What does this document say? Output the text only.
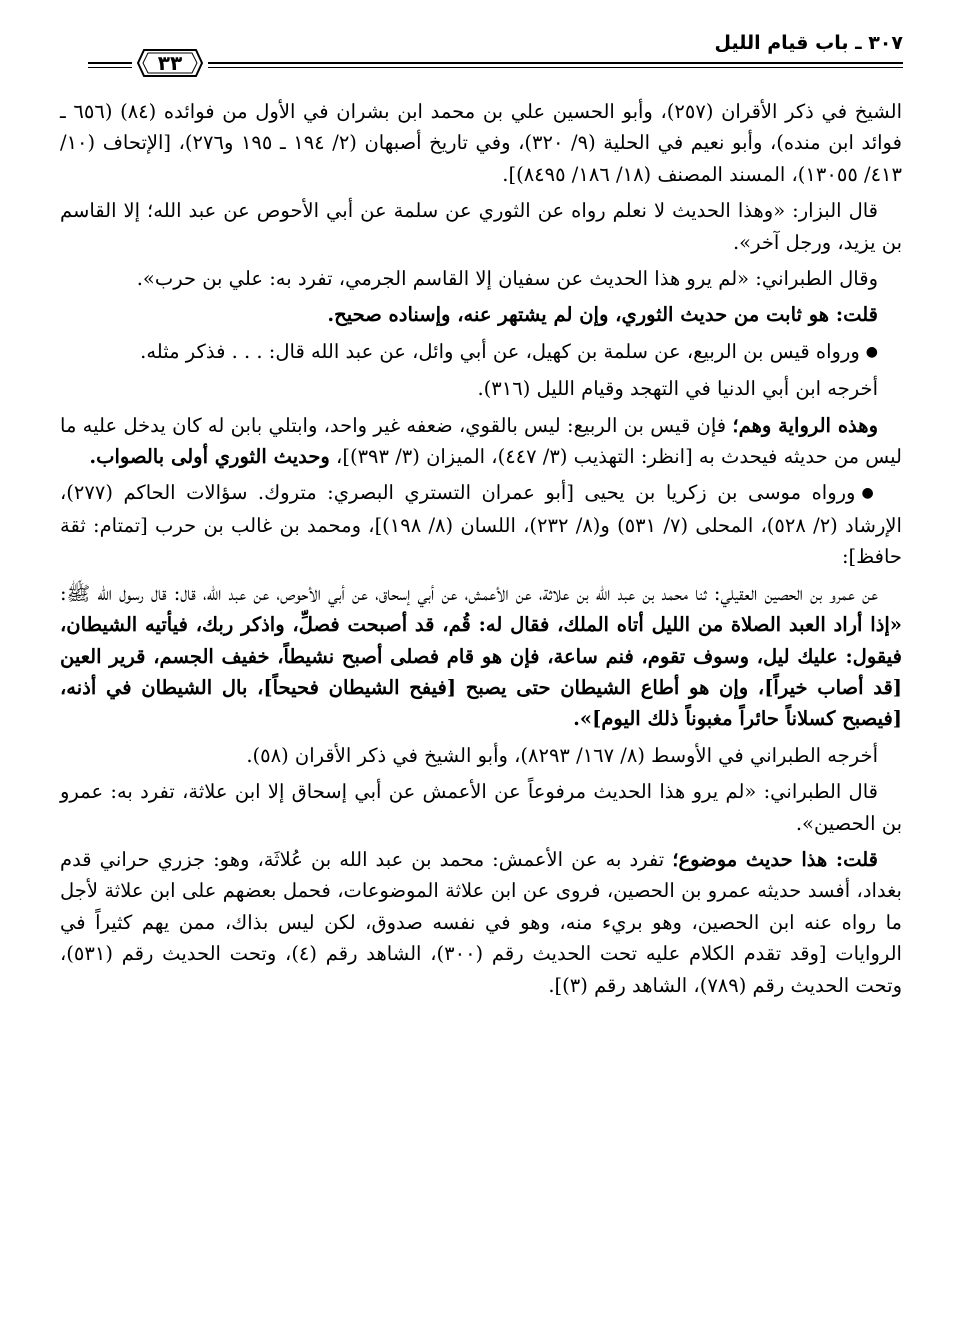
٣٠٧ ـ باب قيام الليل
٣٣

الشيخ في ذكر الأقران (٢٥٧)، وأبو الحسين علي بن محمد ابن بشران في الأول من فوائده (٨٤) (٦٥٦ ـ فوائد ابن منده)، وأبو نعيم في الحلية (٩/ ٣٢٠)، وفي تاريخ أصبهان (٢/ ١٩٤ ـ ١٩٥ و٢٧٦)، [الإتحاف (١٠/ ٤١٣/ ١٣٠٥٥)، المسند المصنف (١٨/ ١٨٦/ ٨٤٩٥)].

قال البزار: «وهذا الحديث لا نعلم رواه عن الثوري عن سلمة عن أبي الأحوص عن عبد الله؛ إلا القاسم بن يزيد، ورجل آخر».

وقال الطبراني: «لم يرو هذا الحديث عن سفيان إلا القاسم الجرمي، تفرد به: علي بن حرب».

قلت: هو ثابت من حديث الثوري، وإن لم يشتهر عنه، وإسناده صحيح.

●ورواه قيس بن الربيع، عن سلمة بن كهيل، عن أبي وائل، عن عبد الله قال: . . . فذكر مثله.

أخرجه ابن أبي الدنيا في التهجد وقيام الليل (٣١٦).

وهذه الرواية وهم؛ فإن قيس بن الربيع: ليس بالقوي، ضعفه غير واحد، وابتلي بابن له كان يدخل عليه ما ليس من حديثه فيحدث به [انظر: التهذيب (٣/ ٤٤٧)، الميزان (٣/ ٣٩٣)]، وحديث الثوري أولى بالصواب.

●ورواه موسى بن زكريا بن يحيى [أبو عمران التستري البصري: متروك. سؤالات الحاكم (٢٧٧)، الإرشاد (٢/ ٥٢٨)، المحلى (٧/ ٥٣١) و(٨/ ٢٣٢)، اللسان (٨/ ١٩٨)]، ومحمد بن غالب بن حرب [تمتام: ثقة حافظ]:

عن عمرو بن الحصين العقيلي: ثنا محمد بن عبد الله بن علاثة، عن الأعمش، عن أبي إسحاق، عن أبي الأحوص، عن عبد الله، قال: قال رسول الله ﷺ: «إذا أراد العبد الصلاة من الليل أتاه الملك، فقال له: قُم، قد أصبحت فصلِّ، واذكر ربك، فيأتيه الشيطان، فيقول: عليك ليل، وسوف تقوم، فنم ساعة، فإن هو قام فصلى أصبح نشيطاً، خفيف الجسم، قرير العين [قد أصاب خيراً]، وإن هو أطاع الشيطان حتى يصبح [فيفح الشيطان فحيحاً]، بال الشيطان في أذنه، [فيصبح كسلاناً حائراً مغبوناً ذلك اليوم]».

أخرجه الطبراني في الأوسط (٨/ ١٦٧/ ٨٢٩٣)، وأبو الشيخ في ذكر الأقران (٥٨).

قال الطبراني: «لم يرو هذا الحديث مرفوعاً عن الأعمش عن أبي إسحاق إلا ابن علاثة، تفرد به: عمرو بن الحصين».

قلت: هذا حديث موضوع؛ تفرد به عن الأعمش: محمد بن عبد الله بن عُلاثَة، وهو: جزري حراني قدم بغداد، أفسد حديثه عمرو بن الحصين، فروى عن ابن علاثة الموضوعات، فحمل بعضهم على ابن علاثة لأجل ما رواه عنه ابن الحصين، وهو بريء منه، وهو في نفسه صدوق، لكن ليس بذاك، ممن يهم كثيراً في الروايات [وقد تقدم الكلام عليه تحت الحديث رقم (٣٠٠)، الشاهد رقم (٤)، وتحت الحديث رقم (٥٣١)، وتحت الحديث رقم (٧٨٩)، الشاهد رقم (٣)].
